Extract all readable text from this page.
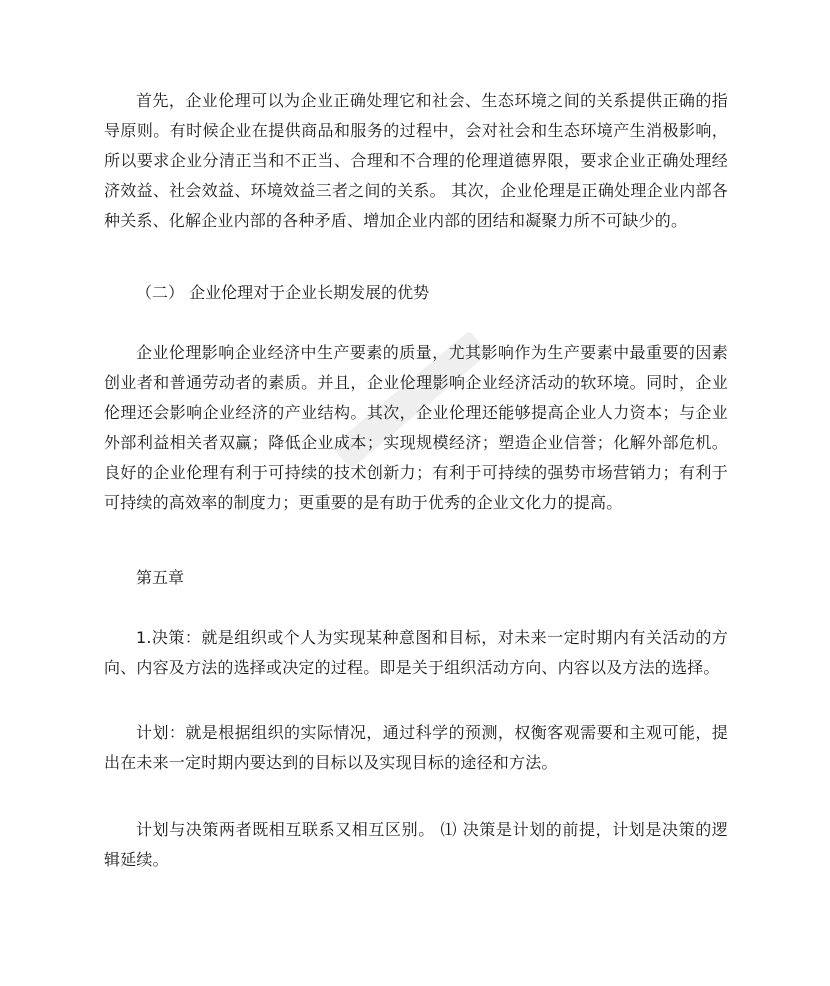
首先，企业伦理可以为企业正确处理它和社会、生态环境之间的关系提供正确的指导原则。有时候企业在提供商品和服务的过程中，会对社会和生态环境产生消极影响，所以要求企业分清正当和不正当、合理和不合理的伦理道德界限，要求企业正确处理经济效益、社会效益、环境效益三者之间的关系。 其次，企业伦理是正确处理企业内部各种关系、化解企业内部的各种矛盾、增加企业内部的团结和凝聚力所不可缺少的。

（二） 企业伦理对于企业长期发展的优势

企业伦理影响企业经济中生产要素的质量，尤其影响作为生产要素中最重要的因素创业者和普通劳动者的素质。并且，企业伦理影响企业经济活动的软环境。同时，企业伦理还会影响企业经济的产业结构。其次，企业伦理还能够提高企业人力资本；与企业外部利益相关者双赢；降低企业成本；实现规模经济；塑造企业信誉；化解外部危机。良好的企业伦理有利于可持续的技术创新力；有利于可持续的强势市场营销力；有利于可持续的高效率的制度力；更重要的是有助于优秀的企业文化力的提高。

第五章

1.决策：就是组织或个人为实现某种意图和目标，对未来一定时期内有关活动的方向、内容及方法的选择或决定的过程。即是关于组织活动方向、内容以及方法的选择。

计划：就是根据组织的实际情况，通过科学的预测，权衡客观需要和主观可能，提出在未来一定时期内要达到的目标以及实现目标的途径和方法。

计划与决策两者既相互联系又相互区别。 ⑴ 决策是计划的前提，计划是决策的逻辑延续。
